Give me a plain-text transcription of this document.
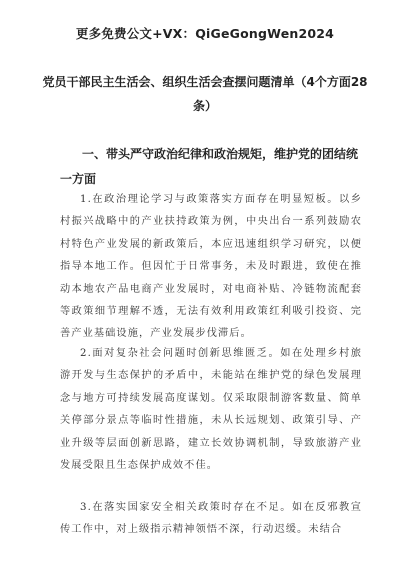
更多免费公文+VX：QiGeGongWen2024
党员干部民主生活会、组织生活会查摆问题清单（4个方面28条）
一、带头严守政治纪律和政治规矩，维护党的团结统一方面
1.在政治理论学习与政策落实方面存在明显短板。以乡村振兴战略中的产业扶持政策为例，中央出台一系列鼓励农村特色产业发展的新政策后，本应迅速组织学习研究，以便指导本地工作。但因忙于日常事务，未及时跟进，致使在推动本地农产品电商产业发展时，对电商补贴、冷链物流配套等政策细节理解不透，无法有效利用政策红利吸引投资、完善产业基础设施，产业发展步伐滞后。
2.面对复杂社会问题时创新思维匮乏。如在处理乡村旅游开发与生态保护的矛盾中，未能站在维护党的绿色发展理念与地方可持续发展高度谋划。仅采取限制游客数量、简单关停部分景点等临时性措施，未从长远规划、政策引导、产业升级等层面创新思路，建立长效协调机制，导致旅游产业发展受限且生态保护成效不佳。
3.在落实国家安全相关政策时存在不足。如在反邪教宣传工作中，对上级指示精神领悟不深，行动迟缓。未结合
